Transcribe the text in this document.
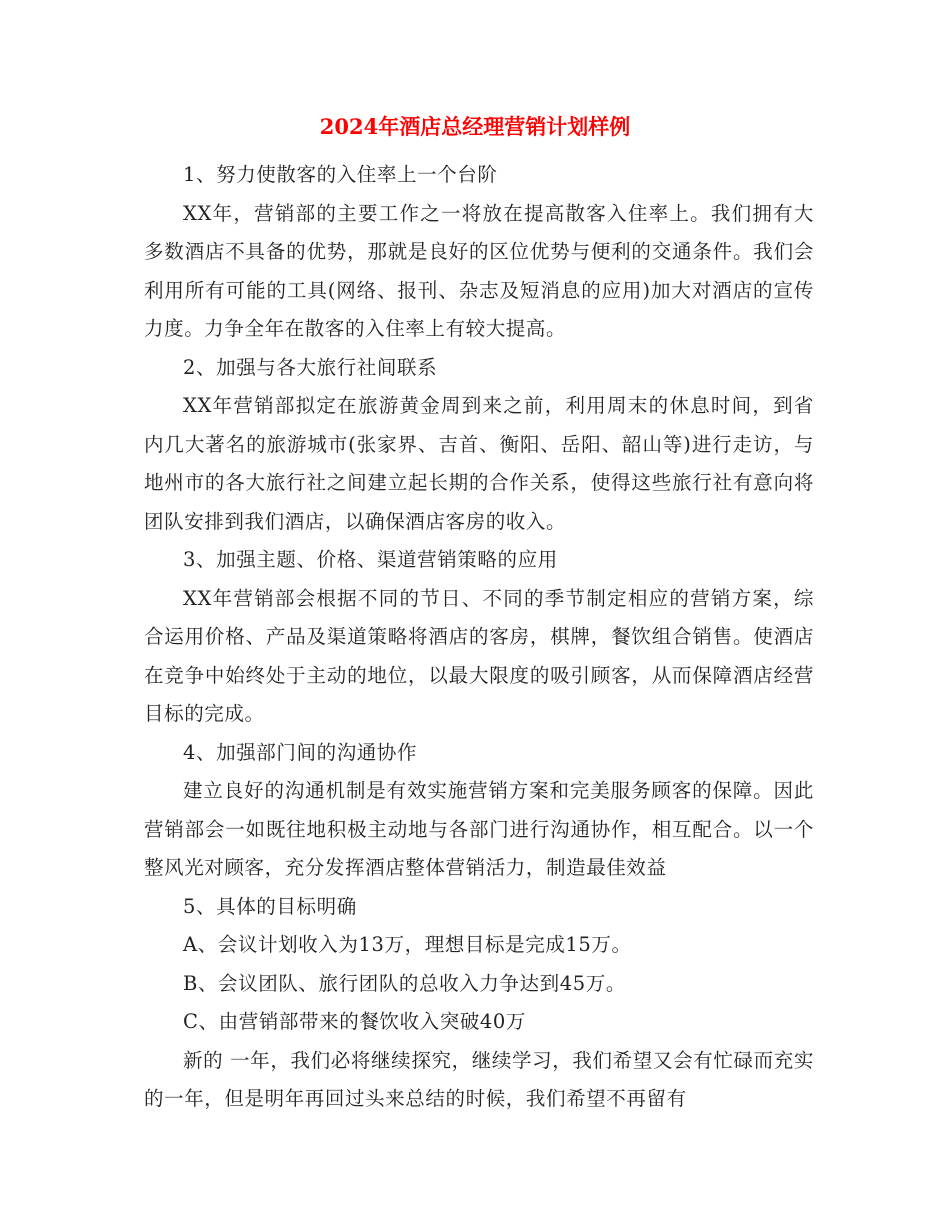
2024年酒店总经理营销计划样例

1、努力使散客的入住率上一个台阶

XX年，营销部的主要工作之一将放在提高散客入住率上。我们拥有大多数酒店不具备的优势，那就是良好的区位优势与便利的交通条件。我们会利用所有可能的工具(网络、报刊、杂志及短消息的应用)加大对酒店的宣传力度。力争全年在散客的入住率上有较大提高。

2、加强与各大旅行社间联系

XX年营销部拟定在旅游黄金周到来之前，利用周末的休息时间，到省内几大著名的旅游城市(张家界、吉首、衡阳、岳阳、韶山等)进行走访，与地州市的各大旅行社之间建立起长期的合作关系，使得这些旅行社有意向将团队安排到我们酒店，以确保酒店客房的收入。

3、加强主题、价格、渠道营销策略的应用

XX年营销部会根据不同的节日、不同的季节制定相应的营销方案，综合运用价格、产品及渠道策略将酒店的客房，棋牌，餐饮组合销售。使酒店在竞争中始终处于主动的地位，以最大限度的吸引顾客，从而保障酒店经营目标的完成。

4、加强部门间的沟通协作

建立良好的沟通机制是有效实施营销方案和完美服务顾客的保障。因此营销部会一如既往地积极主动地与各部门进行沟通协作，相互配合。以一个整风光对顾客，充分发挥酒店整体营销活力，制造最佳效益

5、具体的目标明确

A、会议计划收入为13万，理想目标是完成15万。

B、会议团队、旅行团队的总收入力争达到45万。

C、由营销部带来的餐饮收入突破40万

新的 一年，我们必将继续探究，继续学习，我们希望又会有忙碌而充实的一年，但是明年再回过头来总结的时候，我们希望不再留有
